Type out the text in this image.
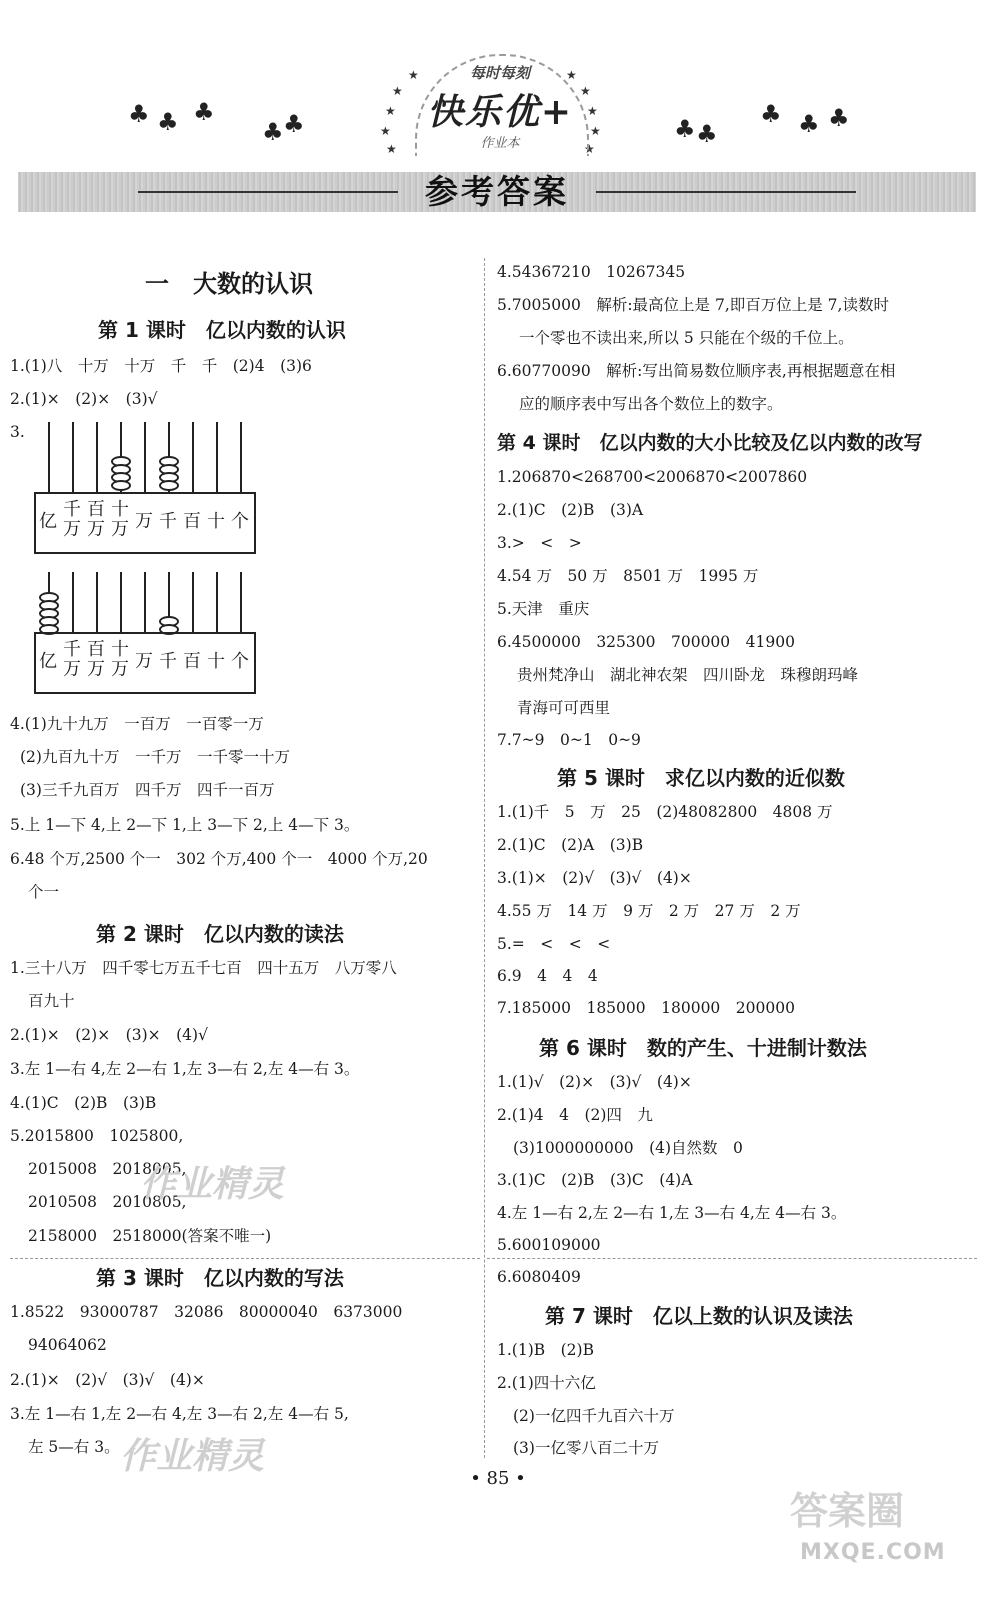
♣ ♣ ♣
♣ ♣	♣ ♣
♣ ♣ ♣
★
★
★
★
★
★
★
★
★
★
每时每刻
快乐优+
作业本
参考答案
一　大数的认识
第 1 课时　亿以内数的认识
1.(1)八　十万　十万　千　千　(2)4　(3)6
2.(1)×　(2)×　(3)√
3.
亿
千
万
百
万
十
万 万 千 百 十 个
亿
千
万
百
万
十
万 万 千 百 十 个
4.(1)九十九万　一百万　一百零一万
(2)九百九十万　一千万　一千零一十万
(3)三千九百万　四千万　四千一百万
5.上 1—下 4,上 2—下 1,上 3—下 2,上 4—下 3。
6.48 个万,2500 个一　302 个万,400 个一　4000 个万,20
个一
第 2 课时　亿以内数的读法
1.三十八万　四千零七万五千七百　四十五万　八万零八
百九十
2.(1)×　(2)×　(3)×　(4)√
3.左 1—右 4,左 2—右 1,左 3—右 2,左 4—右 3。
4.(1)C　(2)B　(3)B
5.2015800　1025800,
2015008　2018005,
2010508　2010805,
2158000　2518000(答案不唯一)
第 3 课时　亿以内数的写法
1.8522　93000787　32086　80000040　6373000
94064062
2.(1)×　(2)√　(3)√　(4)×
3.左 1—右 1,左 2—右 4,左 3—右 2,左 4—右 5,
左 5—右 3。
4.54367210　10267345
5.7005000　解析:最高位上是 7,即百万位上是 7,读数时
一个零也不读出来,所以 5 只能在个级的千位上。
6.60770090　解析:写出简易数位顺序表,再根据题意在相
应的顺序表中写出各个数位上的数字。
第 4 课时　亿以内数的大小比较及亿以内数的改写
1.206870<268700<2006870<2007860
2.(1)C　(2)B　(3)A
3.>　<　>
4.54 万　50 万　8501 万　1995 万
5.天津　重庆
6.4500000　325300　700000　41900
贵州梵净山　湖北神农架　四川卧龙　珠穆朗玛峰
青海可可西里
7.7~9　0~1　0~9
第 5 课时　求亿以内数的近似数
1.(1)千　5　万　25　(2)48082800　4808 万
2.(1)C　(2)A　(3)B
3.(1)×　(2)√　(3)√　(4)×
4.55 万　14 万　9 万　2 万　27 万　2 万
5.=　<　<　<
6.9　4　4　4
7.185000　185000　180000　200000
第 6 课时　数的产生、十进制计数法
1.(1)√　(2)×　(3)√　(4)×
2.(1)4　4　(2)四　九
(3)1000000000　(4)自然数　0
3.(1)C　(2)B　(3)C　(4)A
4.左 1—右 2,左 2—右 1,左 3—右 4,左 4—右 3。
5.600109000
6.6080409
第 7 课时　亿以上数的认识及读法
1.(1)B　(2)B
2.(1)四十六亿
(2)一亿四千九百六十万
(3)一亿零八百二十万
作业精灵
作业精灵
• 85 •
答案圈
MXQE.COM
